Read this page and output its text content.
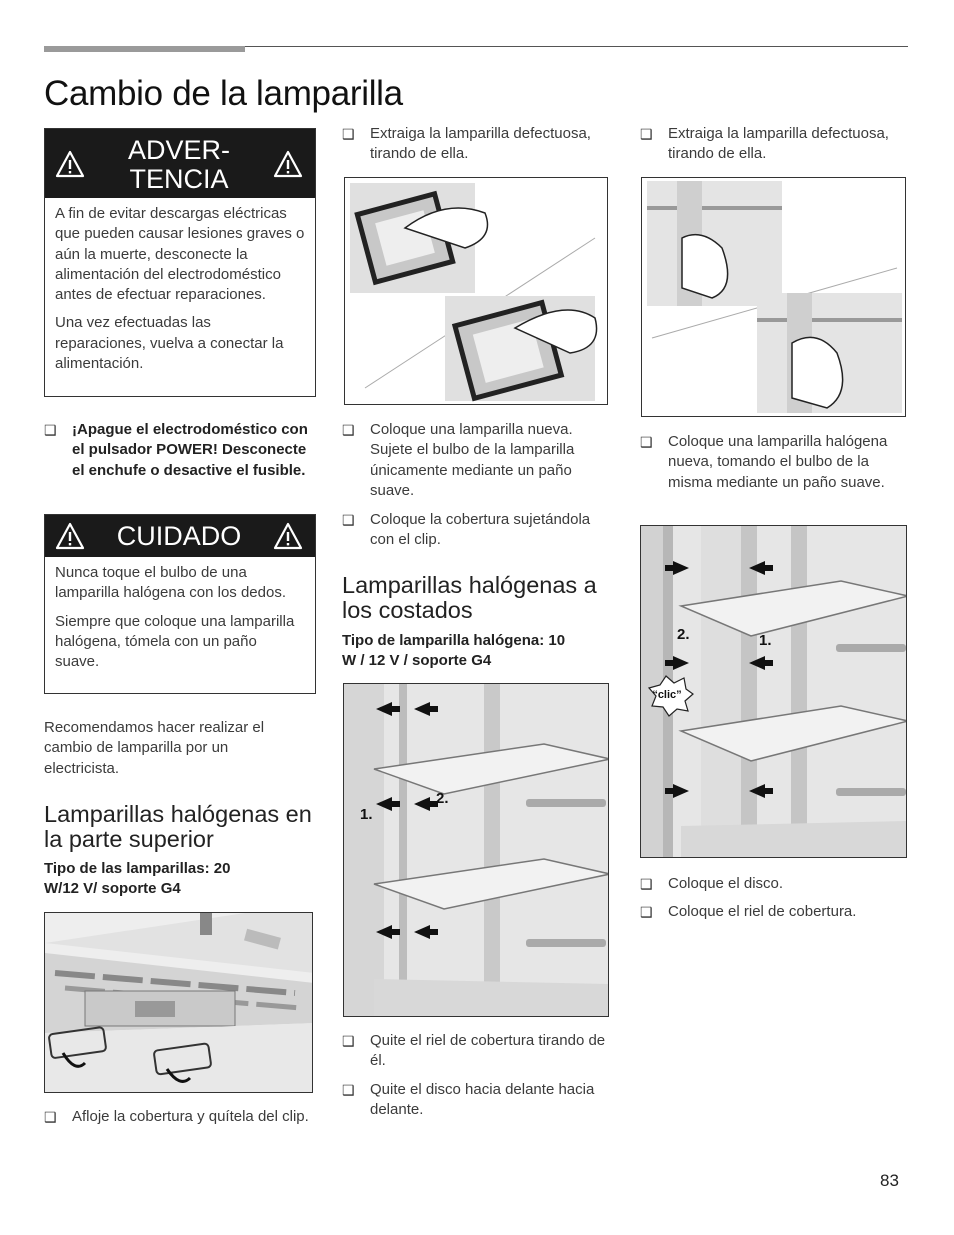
Cambio de la lamparilla
ADVER-
TENCIA

A fin de evitar descargas eléctricas que pueden causar lesiones graves o aún la muerte, desconecte la alimentación del electrodoméstico antes de efectuar reparaciones.

Una vez efectuadas las reparaciones, vuelva a conectar la alimentación.

❑	¡Apague el electrodoméstico con el pulsador POWER! Desconecte el enchufe o desactive el fusible.
CUIDADO

Nunca toque el bulbo de una lamparilla halógena con los dedos.

Siempre que coloque una lamparilla halógena, tómela con un paño suave.

Recomendamos hacer realizar el cambio de lamparilla por un electricista.

Lamparillas halógenas en la parte superior

Tipo de las lamparillas: 20 W/12 V/ soporte G4

❑	Afloje la cobertura y quítela del clip.
❑	Extraiga la lamparilla defectuosa, tirando de ella.
❑	Coloque una lamparilla nueva. Sujete el bulbo de la lamparilla únicamente mediante un paño suave.
❑	Coloque la cobertura sujetándola con el clip.
Lamparillas halógenas a los costados

Tipo de lamparilla halógena: 10 W / 12 V / soporte G4

1.
2.
❑	Quite el riel de cobertura tirando de él.
❑	Quite el disco hacia delante hacia delante.
❑	Extraiga la lamparilla defectuosa, tirando de ella.
❑	Coloque una lamparilla halógena nueva, tomando el bulbo de la misma mediante un paño suave.
2.	1.
“clic”
❑	Coloque el disco.
❑	Coloque el riel de cobertura.
83
